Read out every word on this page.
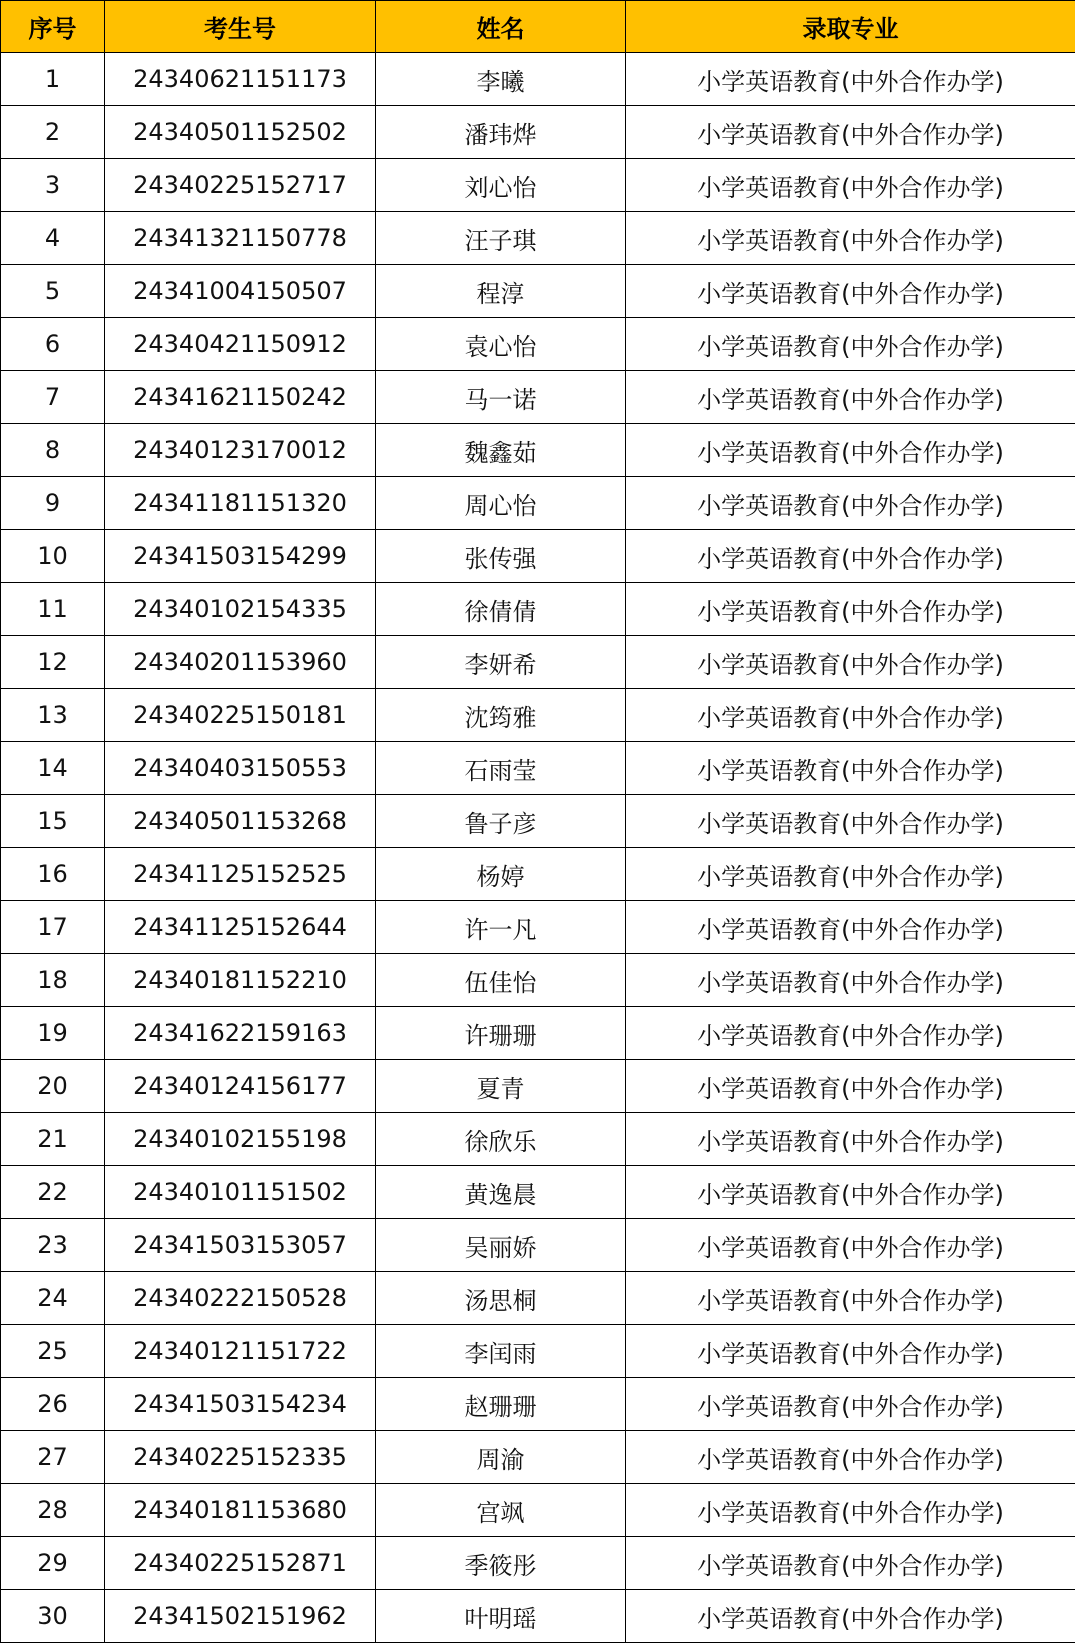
序号	考生号	姓名	录取专业
1	24340621151173	李曦	小学英语教育(中外合作办学)
2	24340501152502	潘玮烨	小学英语教育(中外合作办学)
3	24340225152717	刘心怡	小学英语教育(中外合作办学)
4	24341321150778	汪子琪	小学英语教育(中外合作办学)
5	24341004150507	程淳	小学英语教育(中外合作办学)
6	24340421150912	袁心怡	小学英语教育(中外合作办学)
7	24341621150242	马一诺	小学英语教育(中外合作办学)
8	24340123170012	魏鑫茹	小学英语教育(中外合作办学)
9	24341181151320	周心怡	小学英语教育(中外合作办学)
10	24341503154299	张传强	小学英语教育(中外合作办学)
11	24340102154335	徐倩倩	小学英语教育(中外合作办学)
12	24340201153960	李妍希	小学英语教育(中外合作办学)
13	24340225150181	沈筠雅	小学英语教育(中外合作办学)
14	24340403150553	石雨莹	小学英语教育(中外合作办学)
15	24340501153268	鲁子彦	小学英语教育(中外合作办学)
16	24341125152525	杨婷	小学英语教育(中外合作办学)
17	24341125152644	许一凡	小学英语教育(中外合作办学)
18	24340181152210	伍佳怡	小学英语教育(中外合作办学)
19	24341622159163	许珊珊	小学英语教育(中外合作办学)
20	24340124156177	夏青	小学英语教育(中外合作办学)
21	24340102155198	徐欣乐	小学英语教育(中外合作办学)
22	24340101151502	黄逸晨	小学英语教育(中外合作办学)
23	24341503153057	吴丽娇	小学英语教育(中外合作办学)
24	24340222150528	汤思桐	小学英语教育(中外合作办学)
25	24340121151722	李闰雨	小学英语教育(中外合作办学)
26	24341503154234	赵珊珊	小学英语教育(中外合作办学)
27	24340225152335	周渝	小学英语教育(中外合作办学)
28	24340181153680	宫飒	小学英语教育(中外合作办学)
29	24340225152871	季筱彤	小学英语教育(中外合作办学)
30	24341502151962	叶明瑶	小学英语教育(中外合作办学)
